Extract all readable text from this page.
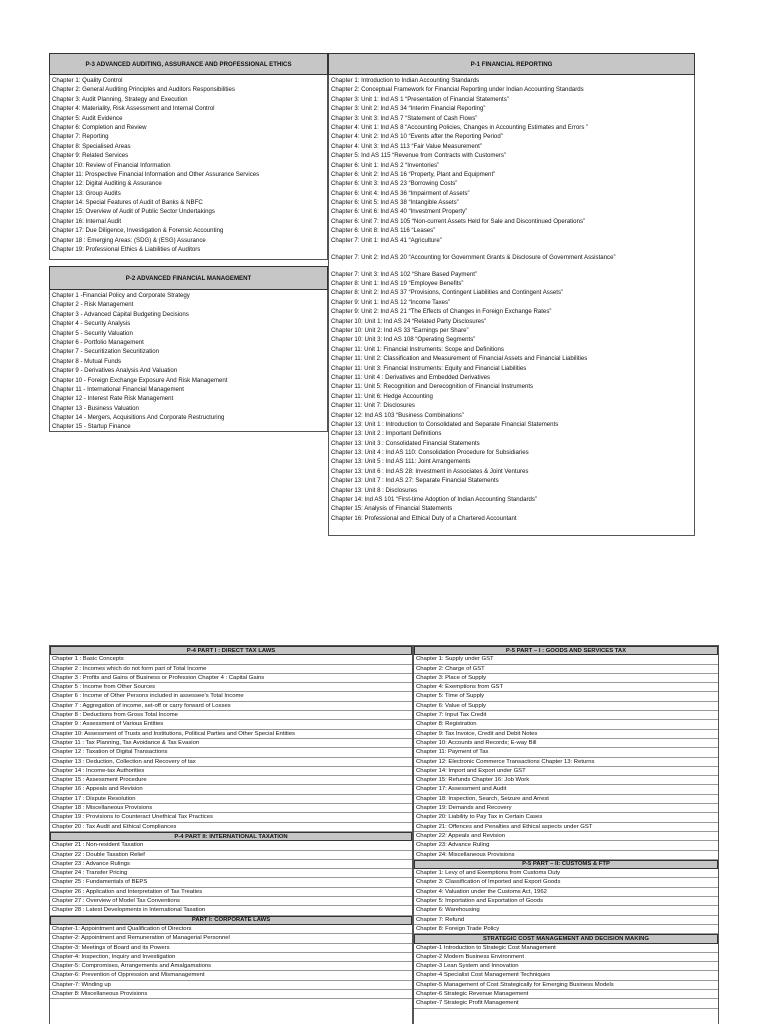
P-3 ADVANCED AUDITING, ASSURANCE AND PROFESSIONAL ETHICS
Chapter 1: Quality Control
Chapter 2: General Auditing Principles and Auditors Responsibilities
Chapter 3: Audit Planning, Strategy and Execution
Chapter 4: Materiality, Risk Assessment and Internal Control
Chapter 5: Audit Evidence
Chapter 6: Completion and Review
Chapter 7: Reporting
Chapter 8: Specialised Areas
Chapter 9: Related Services
Chapter 10: Review of Financial Information
Chapter 11: Prospective Financial Information and Other Assurance Services
Chapter 12: Digital Auditing & Assurance
Chapter 13: Group Audits
Chapter 14: Special Features of Audit of Banks & NBFC
Chapter 15: Overview of Audit of Public Sector Undertakings
Chapter 16: Internal Audit
Chapter 17: Due Diligence, Investigation & Forensic Accounting
Chapter 18 : Emerging Areas: (SDG) & (ESG) Assurance
Chapter 19: Professional Ethics & Liabilities of Auditors
P-2 ADVANCED FINANCIAL MANAGEMENT
Chapter 1 -Financial Policy and Corporate Strategy
Chapter 2 - Risk Management
Chapter 3 - Advanced Capital Budgeting Decisions
Chapter 4 - Security Analysis
Chapter 5 - Security Valuation
Chapter 6 - Portfolio Management
Chapter 7 - Securitization Securitization
Chapter 8 - Mutual Funds
Chapter 9 - Derivatives Analysis And Valuation
Chapter 10 - Foreign Exchange Exposure And Risk Management
Chapter 11 - International Financial Management
Chapter 12 - Interest Rate Risk Management
Chapter 13 - Business Valuation
Chapter 14 - Mergers, Acquisitions And Corporate Restructuring
Chapter 15 - Startup Finance
P-1 FINANCIAL REPORTING
Chapter 1: Introduction to Indian Accounting Standards
Chapter 2: Conceptual Framework for Financial Reporting under Indian Accounting Standards
Chapter 3: Unit 1: Ind AS 1 “Presentation of Financial Statements”
Chapter 3: Unit 2: Ind AS 34 “Interim Financial Reporting”
Chapter 3: Unit 3: Ind AS 7 “Statement of Cash Flows”
Chapter 4: Unit 1: Ind AS 8 “Accounting Policies, Changes in Accounting Estimates and Errors ”
Chapter 4: Unit 2: Ind AS 10 “Events after the Reporting Period”
Chapter 4: Unit 3: Ind AS 113 “Fair Value Measurement”
Chapter 5: Ind AS 115 “Revenue from Contracts with Customers”
Chapter 6: Unit 1: Ind AS 2 “Inventories”
Chapter 6: Unit 2: Ind AS 16 “Property, Plant and Equipment”
Chapter 6: Unit 3: Ind AS 23 “Borrowing Costs”
Chapter 6: Unit 4: Ind AS 36 “Impairment of Assets”
Chapter 6: Unit 5: Ind AS 38 “Intangible Assets”
Chapter 6: Unit 6: Ind AS 40 “Investment Property”
Chapter 6: Unit 7: Ind AS 105 “Non-current Assets Held for Sale and Discontinued Operations”
Chapter 6: Unit 8: Ind AS 116 “Leases”
Chapter 7: Unit 1: Ind AS 41 “Agriculture”
Chapter 7: Unit 2: Ind AS 20 “Accounting for Government Grants & Disclosure of Government Assistance”
Chapter 7: Unit 3: Ind AS 102 “Share Based Payment”
Chapter 8: Unit 1: Ind AS 19 “Employee Benefits”
Chapter 8: Unit 2: Ind AS 37 “Provisions, Contingent Liabilities and Contingent Assets”
Chapter 9: Unit 1: Ind AS 12 “Income Taxes”
Chapter 9: Unit 2: Ind AS 21 “The Effects of Changes in Foreign Exchange Rates”
Chapter 10: Unit 1: Ind AS 24 “Related Party Disclosures”
Chapter 10: Unit 2: Ind AS 33 “Earnings per Share”
Chapter 10: Unit 3: Ind AS 108 “Operating Segments”
Chapter 11: Unit 1: Financial Instruments: Scope and Definitions
Chapter 11: Unit 2: Classification and Measurement of Financial Assets and Financial Liabilities
Chapter 11: Unit 3: Financial Instruments: Equity and Financial Liabilities
Chapter 11: Unit 4 : Derivatives and Embedded Derivatives
Chapter 11: Unit 5: Recognition and Derecognition of Financial Instruments
Chapter 11: Unit 6: Hedge Accounting
Chapter 11: Unit 7: Disclosures
Chapter 12: Ind AS 103 “Business Combinations”
Chapter 13: Unit 1 : Introduction to Consolidated and Separate Financial Statements
Chapter 13: Unit 2 : Important Definitions
Chapter 13: Unit 3 : Consolidated Financial Statements
Chapter 13: Unit 4 : Ind AS 110: Consolidation Procedure for Subsidiaries
Chapter 13: Unit 5 : Ind AS 111: Joint Arrangements
Chapter 13: Unit 6 : Ind AS 28: Investment in Associates & Joint Ventures
Chapter 13: Unit 7 : Ind AS 27: Separate Financial Statements
Chapter 13: Unit 8 : Disclosures
Chapter 14: Ind AS 101 “First-time Adoption of Indian Accounting Standards”
Chapter 15: Analysis of Financial Statements
Chapter 16: Professional and Ethical Duty of a Chartered Accountant
P-4 PART I : DIRECT TAX LAWS
Chapter 1 : Basic Concepts
Chapter 2 : Incomes which do not form part of Total Income
Chapter 3 : Profits and Gains of Business or Profession Chapter 4 : Capital Gains
Chapter 5 : Income from Other Sources
Chapter 6 : Income of Other Persons included in assessee’s Total Income
Chapter 7 : Aggregation of income, set-off or carry forward of Losses
Chapter 8 : Deductions from Gross Total Income
Chapter 9 : Assessment of Various Entities
Chapter 10: Assessment of Trusts and Institutions, Political Parties and Other Special Entities
Chapter 11 : Tax Planning, Tax Avoidance & Tax Evasion
Chapter 12 : Taxation of Digital Transactions
Chapter 13 : Deduction, Collection and Recovery of tax
Chapter 14 : Income-tax Authorities
Chapter 15 : Assessment Procedure
Chapter 16 : Appeals and Revision
Chapter 17 : Dispute Resolution
Chapter 18 : Miscellaneous Provisions
Chapter 19 : Provisions to Counteract Unethical Tax Practices
Chapter 20 : Tax Audit and Ethical Compliances
P-4 PART II: INTERNATIONAL TAXATION
Chapter 21 : Non-resident Taxation
Chapter 22 : Double Taxation Relief
Chapter 23 : Advance Rulings
Chapter 24 : Transfer Pricing
Chapter 25 : Fundamentals of BEPS
Chapter 26 : Application and Interpretation of Tax Treaties
Chapter 27 : Overview of Model Tax Conventions
Chapter 28 : Latest Developments in International Taxation
PART I: CORPORATE LAWS
Chapter-1: Appointment and Qualification of Directors
Chapter-2: Appointment and Remuneration of Managerial Personnel
Chapter-3: Meetings of Board and its Powers
Chapter-4: Inspection, Inquiry and Investigation
Chapter-5: Compromises, Arrangements and Amalgamations
Chapter-6: Prevention of Oppression and Mismanagement
Chapter-7: Winding up
Chapter 8: Miscellaneous Provisions
P-5 PART – I : GOODS AND SERVICES TAX
Chapter 1: Supply under GST
Chapter 2: Charge of GST
Chapter 3: Place of Supply
Chapter 4: Exemptions from GST
Chapter 5: Time of Supply
Chapter 6: Value of Supply
Chapter 7: Input Tax Credit
Chapter 8: Registration
Chapter 9: Tax Invoice, Credit and Debit Notes
Chapter 10: Accounts and Records; E-way Bill
Chapter 11: Payment of Tax
Chapter 12: Electronic Commerce Transactions Chapter 13: Returns
Chapter 14: Import and Export under GST
Chapter 15: Refunds Chapter 16: Job Work
Chapter 17: Assessment and Audit
Chapter 18: Inspection, Search, Seizure and Arrest
Chapter 19: Demands and Recovery
Chapter 20: Liability to Pay Tax in Certain Cases
Chapter 21: Offences and Penalties and Ethical aspects under GST
Chapter 22: Appeals and Revision
Chapter 23: Advance Ruling
Chapter 24: Miscellaneous Provisions
P-5 PART – II: CUSTOMS & FTP
Chapter 1: Levy of and Exemptions from Customs Duty
Chapter 3: Classification of Imported and Export Goods
Chapter 4: Valuation under the Customs Act, 1962
Chapter 5: Importation and Exportation of Goods
Chapter 6: Warehousing
Chapter 7: Refund
Chapter 8: Foreign Trade Policy
STRATEGIC COST MANAGEMENT AND DECISION MAKING
Chapter-1 Introduction to Strategic Cost Management
Chapter-2 Modern Business Environment
Chapter-3 Lean System and Innovation
Chapter-4 Specialist Cost Management Techniques
Chapter-5 Management of Cost Strategically for Emerging Business Models
Chapter-6 Strategic Revenue Management
Chapter-7 Strategic Profit Management
